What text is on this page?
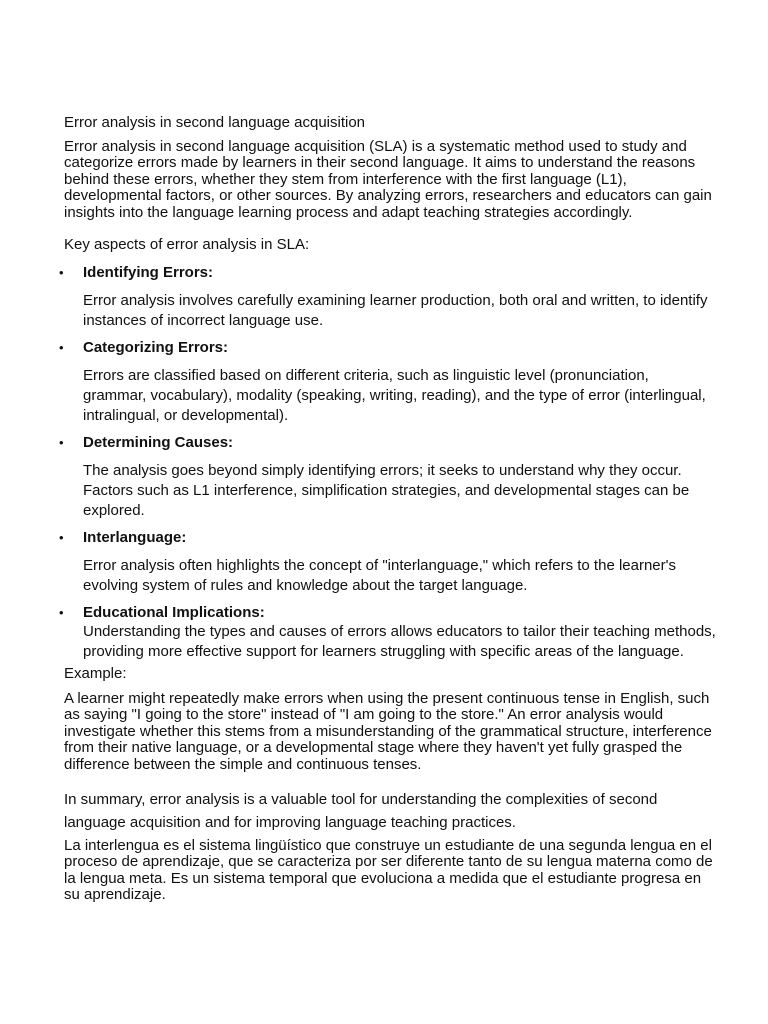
Error analysis in second language acquisition

Error analysis in second language acquisition (SLA) is a systematic method used to study and categorize errors made by learners in their second language. It aims to understand the reasons behind these errors, whether they stem from interference with the first language (L1), developmental factors, or other sources. By analyzing errors, researchers and educators can gain insights into the language learning process and adapt teaching strategies accordingly.

Key aspects of error analysis in SLA:

• Identifying Errors:

Error analysis involves carefully examining learner production, both oral and written, to identify instances of incorrect language use.

• Categorizing Errors:

Errors are classified based on different criteria, such as linguistic level (pronunciation, grammar, vocabulary), modality (speaking, writing, reading), and the type of error (interlingual, intralingual, or developmental).

• Determining Causes:

The analysis goes beyond simply identifying errors; it seeks to understand why they occur. Factors such as L1 interference, simplification strategies, and developmental stages can be explored.

• Interlanguage:

Error analysis often highlights the concept of "interlanguage," which refers to the learner's evolving system of rules and knowledge about the target language.

• Educational Implications:

Understanding the types and causes of errors allows educators to tailor their teaching methods, providing more effective support for learners struggling with specific areas of the language.

Example:

A learner might repeatedly make errors when using the present continuous tense in English, such as saying "I going to the store" instead of "I am going to the store." An error analysis would investigate whether this stems from a misunderstanding of the grammatical structure, interference from their native language, or a developmental stage where they haven't yet fully grasped the difference between the simple and continuous tenses.

In summary, error analysis is a valuable tool for understanding the complexities of second language acquisition and for improving language teaching practices.

La interlengua es el sistema lingüístico que construye un estudiante de una segunda lengua en el proceso de aprendizaje, que se caracteriza por ser diferente tanto de su lengua materna como de la lengua meta. Es un sistema temporal que evoluciona a medida que el estudiante progresa en su aprendizaje.
